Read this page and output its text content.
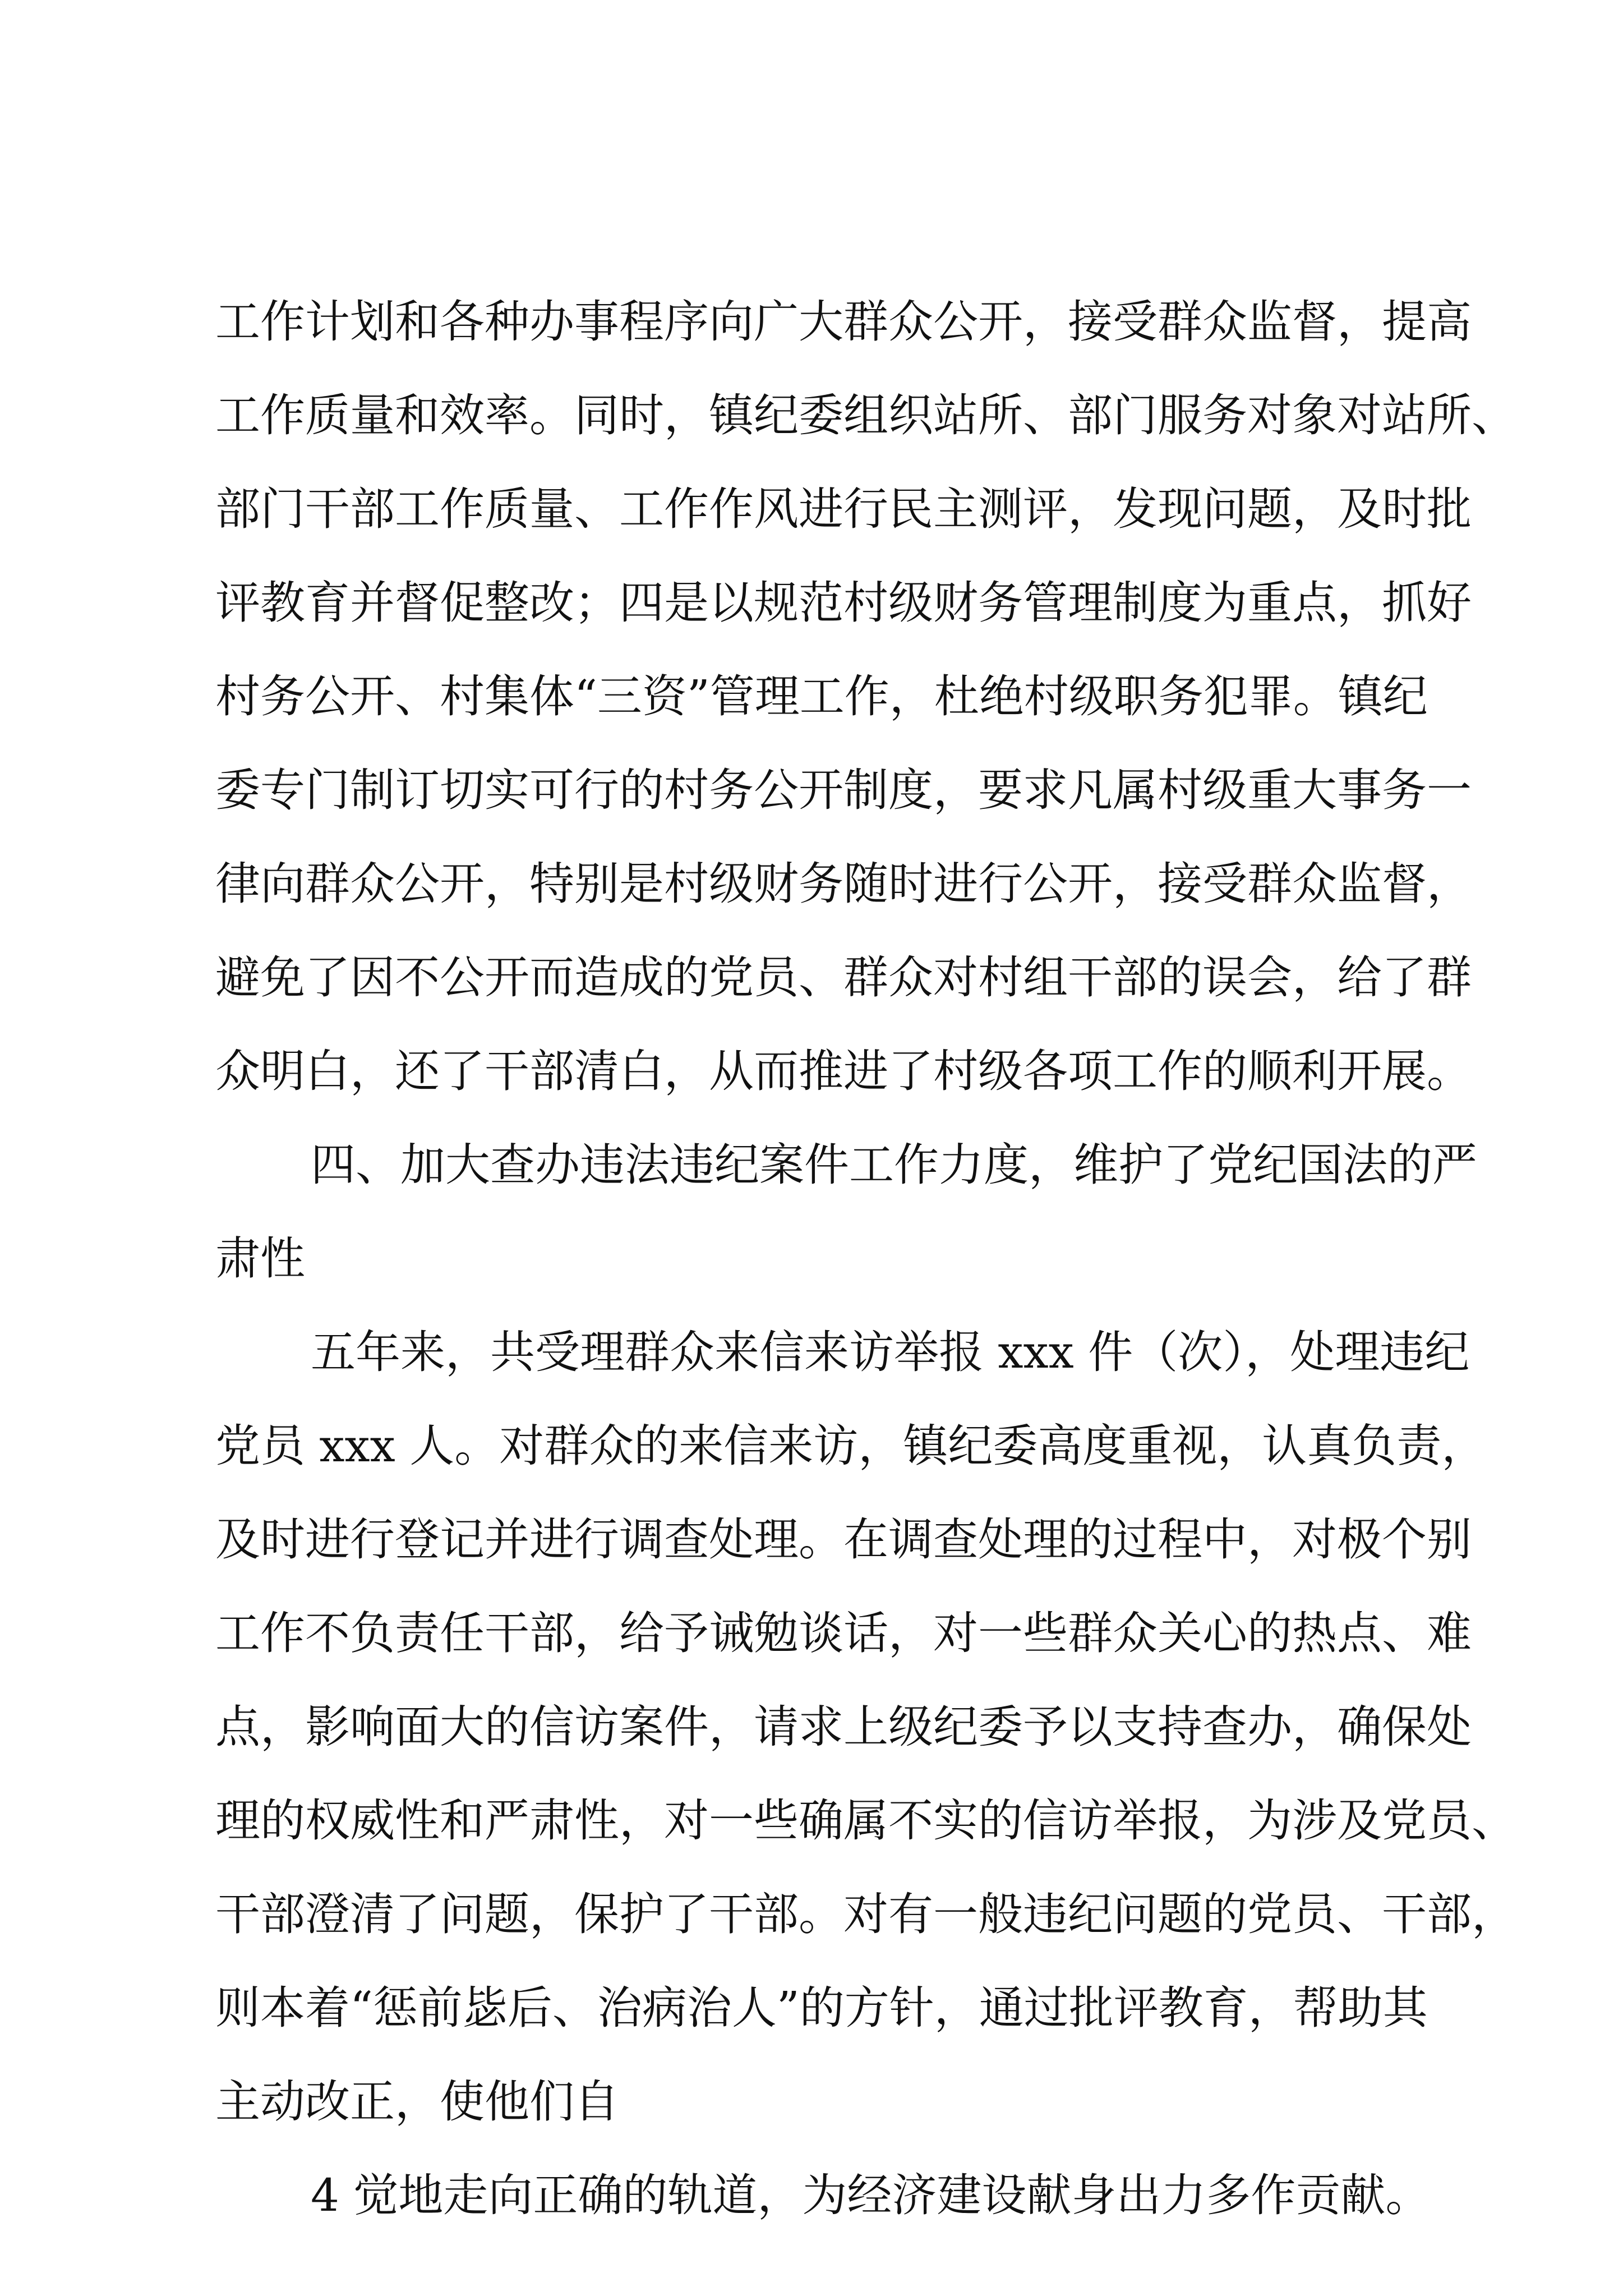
工作计划和各种办事程序向广大群众公开，接受群众监督，提高
工作质量和效率。同时，镇纪委组织站所、部门服务对象对站所、
部门干部工作质量、工作作风进行民主测评，发现问题，及时批
评教育并督促整改；四是以规范村级财务管理制度为重点，抓好
村务公开、村集体“三资”管理工作，杜绝村级职务犯罪。镇纪
委专门制订切实可行的村务公开制度，要求凡属村级重大事务一
律向群众公开，特别是村级财务随时进行公开，接受群众监督，
避免了因不公开而造成的党员、群众对村组干部的误会，给了群
众明白，还了干部清白，从而推进了村级各项工作的顺利开展。
四、加大查办违法违纪案件工作力度，维护了党纪国法的严
肃性
五年来，共受理群众来信来访举报 xxx 件（次），处理违纪
党员 xxx 人。对群众的来信来访，镇纪委高度重视，认真负责，
及时进行登记并进行调查处理。在调查处理的过程中，对极个别
工作不负责任干部，给予诫勉谈话，对一些群众关心的热点、难
点，影响面大的信访案件，请求上级纪委予以支持查办，确保处
理的权威性和严肃性，对一些确属不实的信访举报，为涉及党员、
干部澄清了问题，保护了干部。对有一般违纪问题的党员、干部，
则本着“惩前毖后、治病治人”的方针，通过批评教育，帮助其
主动改正，使他们自
4 觉地走向正确的轨道，为经济建设献身出力多作贡献。
